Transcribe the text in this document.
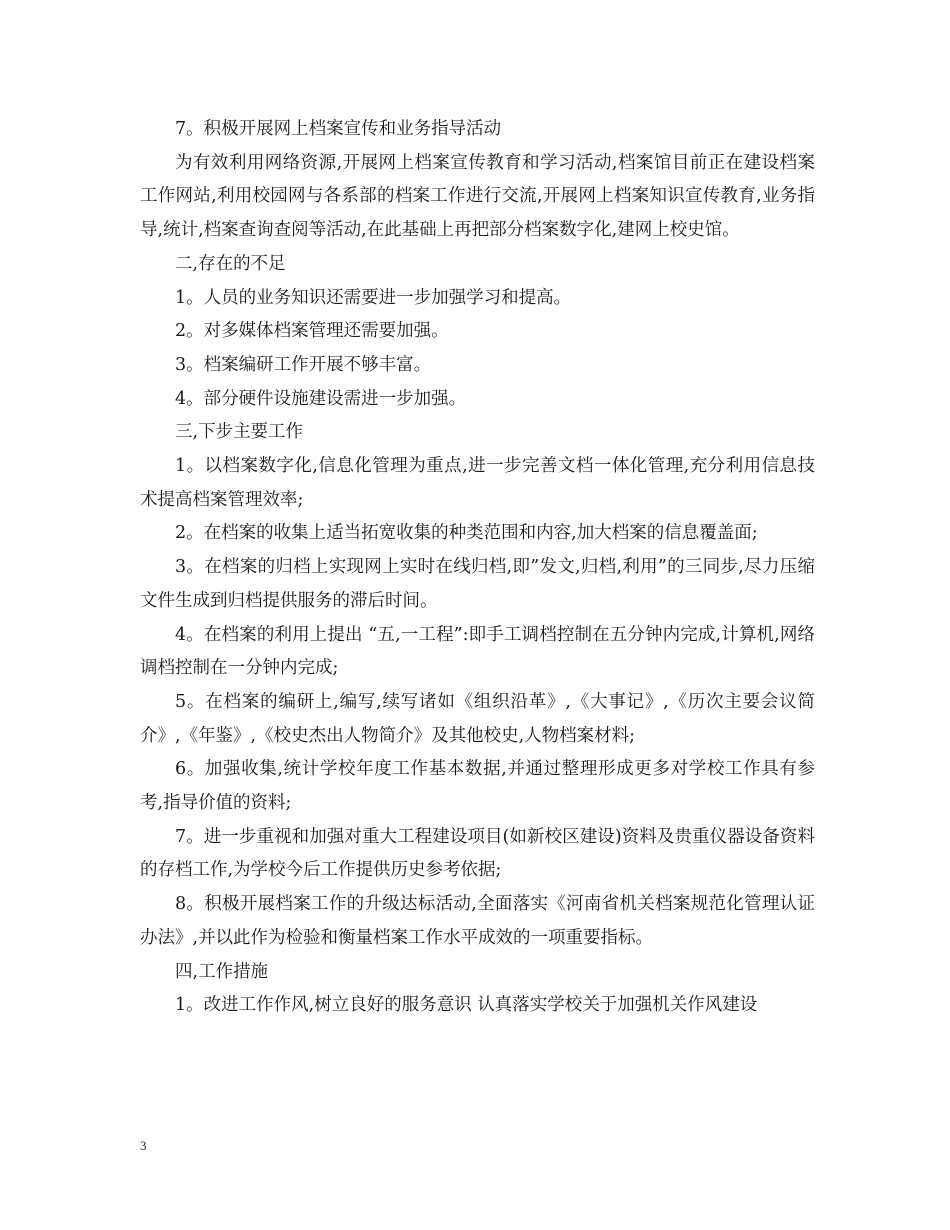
7。积极开展网上档案宣传和业务指导活动

为有效利用网络资源,开展网上档案宣传教育和学习活动,档案馆目前正在建设档案工作网站,利用校园网与各系部的档案工作进行交流,开展网上档案知识宣传教育,业务指导,统计,档案查询查阅等活动,在此基础上再把部分档案数字化,建网上校史馆。

二,存在的不足

1。人员的业务知识还需要进一步加强学习和提高。

2。对多媒体档案管理还需要加强。

3。档案编研工作开展不够丰富。

4。部分硬件设施建设需进一步加强。

三,下步主要工作

1。以档案数字化,信息化管理为重点,进一步完善文档一体化管理,充分利用信息技术提高档案管理效率;

2。在档案的收集上适当拓宽收集的种类范围和内容,加大档案的信息覆盖面;

3。在档案的归档上实现网上实时在线归档,即”发文,归档,利用”的三同步,尽力压缩文件生成到归档提供服务的滞后时间。

4。在档案的利用上提出 “五,一工程”:即手工调档控制在五分钟内完成,计算机,网络调档控制在一分钟内完成;

5。在档案的编研上,编写,续写诸如《组织沿革》,《大事记》,《历次主要会议简介》,《年鉴》,《校史杰出人物简介》及其他校史,人物档案材料;

6。加强收集,统计学校年度工作基本数据,并通过整理形成更多对学校工作具有参考,指导价值的资料;

7。进一步重视和加强对重大工程建设项目(如新校区建设)资料及贵重仪器设备资料的存档工作,为学校今后工作提供历史参考依据;

8。积极开展档案工作的升级达标活动,全面落实《河南省机关档案规范化管理认证办法》,并以此作为检验和衡量档案工作水平成效的一项重要指标。

四,工作措施

1。改进工作作风,树立良好的服务意识 认真落实学校关于加强机关作风建设

3
